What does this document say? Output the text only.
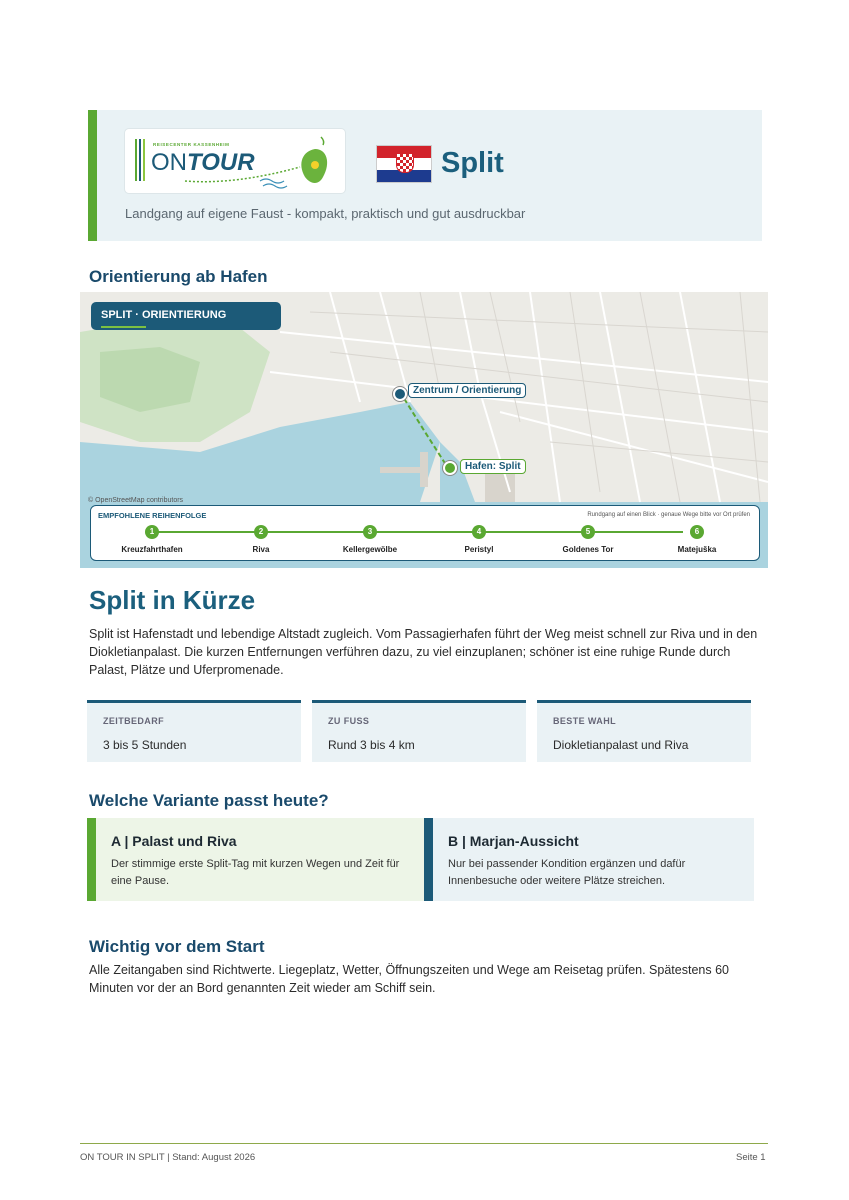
REISECENTER KASSENHEIM
ONTOUR	Split
Landgang auf eigene Faust - kompakt, praktisch und gut ausdruckbar
Orientierung ab Hafen
SPLIT · ORIENTIERUNG
Zentrum / Orientierung
Hafen: Split
© OpenStreetMap contributors
EMPFOHLENE REIHENFOLGE	Rundgang auf einen Blick · genaue Wege bitte vor Ort prüfen
1	2	3	4	5	6
Kreuzfahrthafen	Riva	Kellergewölbe	Peristyl	Goldenes Tor	Matejuška
Split in Kürze
Split ist Hafenstadt und lebendige Altstadt zugleich. Vom Passagierhafen führt der Weg meist schnell zur Riva und in den Diokletianpalast. Die kurzen Entfernungen verführen dazu, zu viel einzuplanen; schöner ist eine ruhige Runde durch Palast, Plätze und Uferpromenade.
ZEITBEDARF
3 bis 5 Stunden
ZU FUSS
Rund 3 bis 4 km
BESTE WAHL
Diokletianpalast und Riva
Welche Variante passt heute?
A | Palast und Riva
Der stimmige erste Split-Tag mit kurzen Wegen und Zeit für eine Pause.
B | Marjan-Aussicht
Nur bei passender Kondition ergänzen und dafür Innenbesuche oder weitere Plätze streichen.
Wichtig vor dem Start
Alle Zeitangaben sind Richtwerte. Liegeplatz, Wetter, Öffnungszeiten und Wege am Reisetag prüfen. Spätestens 60 Minuten vor der an Bord genannten Zeit wieder am Schiff sein.
ON TOUR IN SPLIT | Stand: August 2026	Seite 1
